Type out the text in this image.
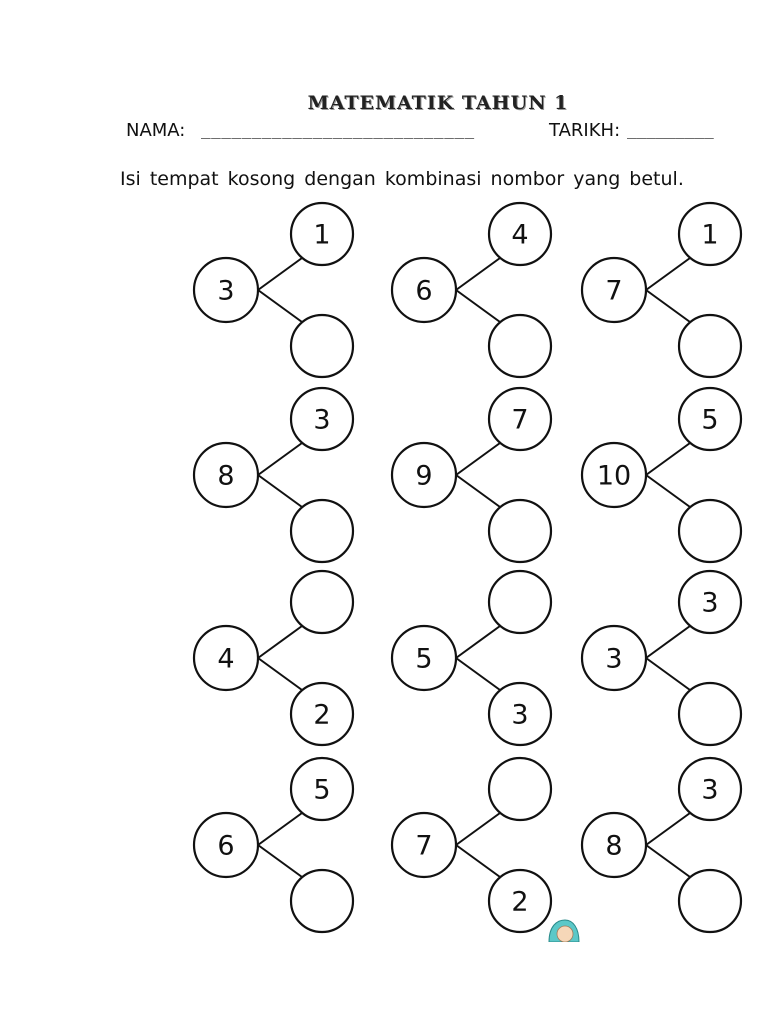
MATEMATIK TAHUN 1
NAMA: ___________________________	TARIKH: _________
Isi tempat kosong dengan kombinasi nombor yang betul.
3
1
6
4
7
1
8
3
9
7
10
5
4
2
5
3
3
3
6
5
7
2
8
3
